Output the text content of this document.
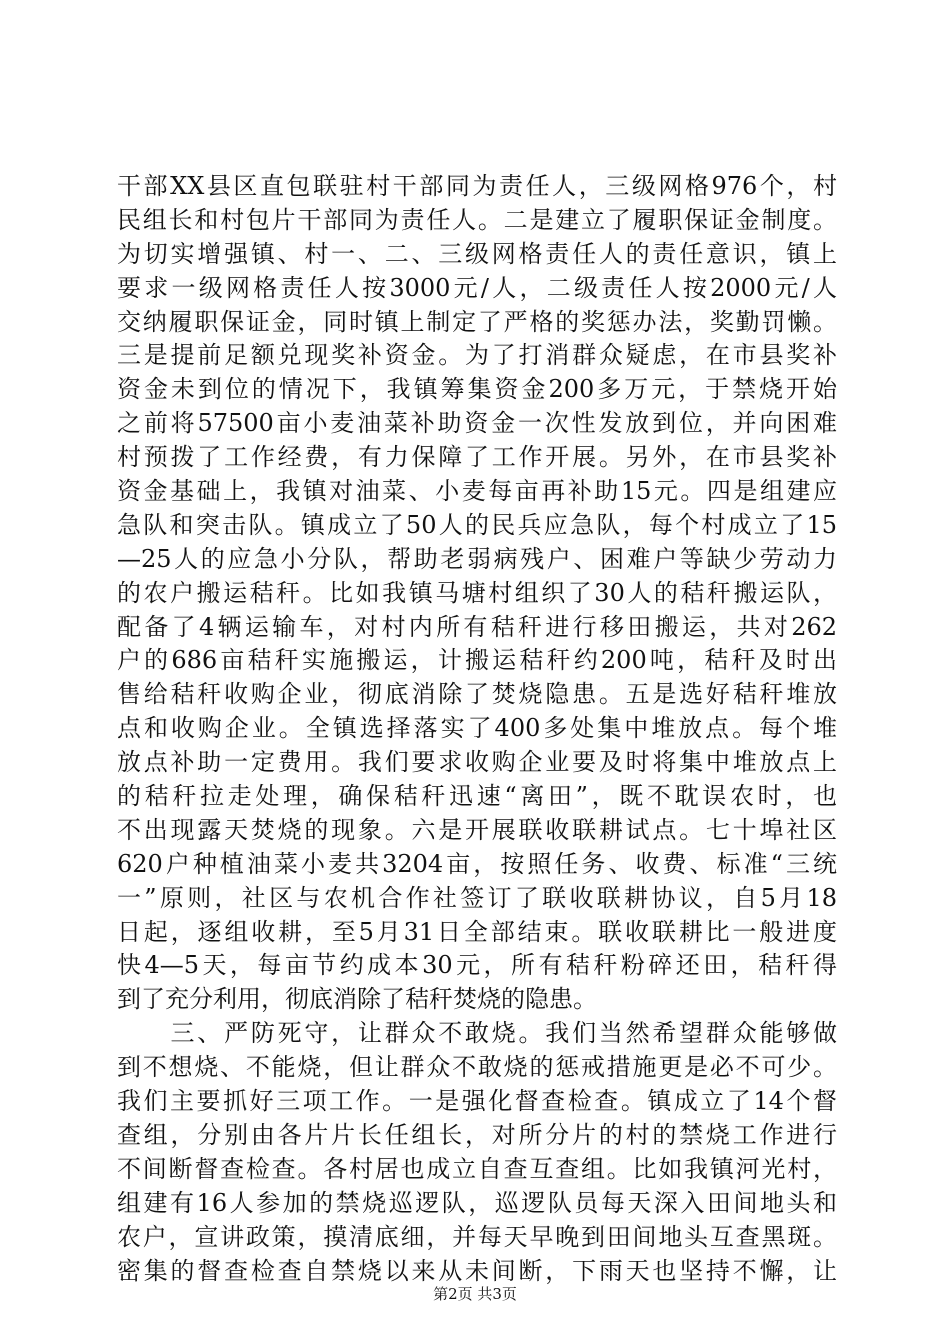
干部XX县区直包联驻村干部同为责任人，三级网格976个，村
民组长和村包片干部同为责任人。二是建立了履职保证金制度。
为切实增强镇、村一、二、三级网格责任人的责任意识，镇上
要求一级网格责任人按3000元/人，二级责任人按2000元/人
交纳履职保证金，同时镇上制定了严格的奖惩办法，奖勤罚懒。
三是提前足额兑现奖补资金。为了打消群众疑虑，在市县奖补
资金未到位的情况下，我镇筹集资金200多万元，于禁烧开始
之前将57500亩小麦油菜补助资金一次性发放到位，并向困难
村预拨了工作经费，有力保障了工作开展。另外，在市县奖补
资金基础上，我镇对油菜、小麦每亩再补助15元。四是组建应
急队和突击队。镇成立了50人的民兵应急队，每个村成立了15
—25人的应急小分队，帮助老弱病残户、困难户等缺少劳动力
的农户搬运秸秆。比如我镇马塘村组织了30人的秸秆搬运队，
配备了4辆运输车，对村内所有秸秆进行移田搬运，共对262
户的686亩秸秆实施搬运，计搬运秸秆约200吨，秸秆及时出
售给秸秆收购企业，彻底消除了焚烧隐患。五是选好秸秆堆放
点和收购企业。全镇选择落实了400多处集中堆放点。每个堆
放点补助一定费用。我们要求收购企业要及时将集中堆放点上
的秸秆拉走处理，确保秸秆迅速“离田”，既不耽误农时，也
不出现露天焚烧的现象。六是开展联收联耕试点。七十埠社区
620户种植油菜小麦共3204亩，按照任务、收费、标准“三统
一”原则，社区与农机合作社签订了联收联耕协议，自5月18
日起，逐组收耕，至5月31日全部结束。联收联耕比一般进度
快4—5天，每亩节约成本30元，所有秸秆粉碎还田，秸秆得
到了充分利用，彻底消除了秸秆焚烧的隐患。
　　三、严防死守，让群众不敢烧。我们当然希望群众能够做
到不想烧、不能烧，但让群众不敢烧的惩戒措施更是必不可少。
我们主要抓好三项工作。一是强化督查检查。镇成立了14个督
查组，分别由各片片长任组长，对所分片的村的禁烧工作进行
不间断督查检查。各村居也成立自查互查组。比如我镇河光村，
组建有16人参加的禁烧巡逻队，巡逻队员每天深入田间地头和
农户，宣讲政策，摸清底细，并每天早晚到田间地头互查黑斑。
密集的督查检查自禁烧以来从未间断，下雨天也坚持不懈，让
第2页 共3页
